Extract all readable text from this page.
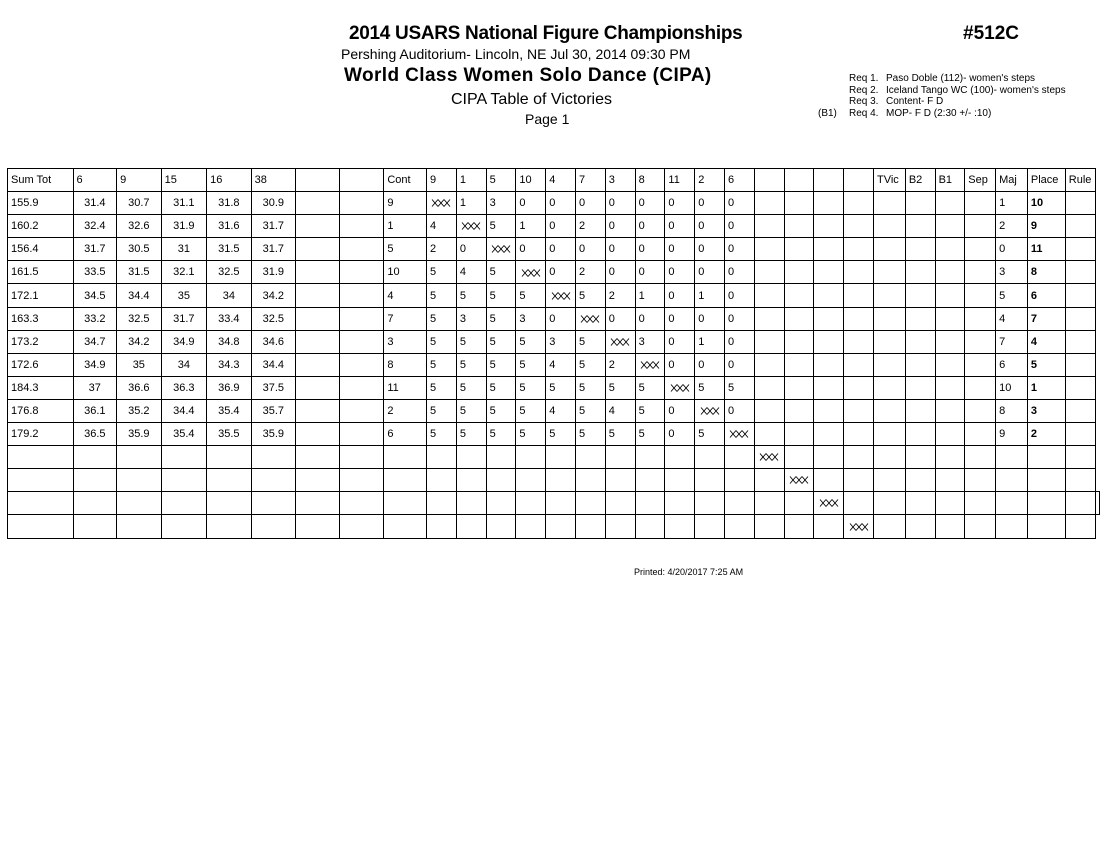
2014 USARS National Figure Championships	#512C
Pershing Auditorium- Lincoln, NE Jul 30, 2014 09:30 PM
World Class Women Solo Dance (CIPA)
CIPA Table of Victories
Page 1
Req 1. Paso Doble (112)- women's steps
Req 2. Iceland Tango WC (100)- women's steps
Req 3. Content- F D
(B1) Req 4. MOP- F D (2:30 +/- :10)
Sum Tot	6	9	15	16	38			Cont	9	1	5	10	4	7	3	8	11	2	6					TVic	B2	B1	Sep	Maj	Place	Rule	
155.9	31.4	30.7	31.1	31.8	30.9			9		1	3	0	0	0	0	0	0	0	0									1	10		
160.2	32.4	32.6	31.9	31.6	31.7			1	4		5	1	0	2	0	0	0	0	0									2	9		
156.4	31.7	30.5	31	31.5	31.7			5	2	0		0	0	0	0	0	0	0	0									0	11		
161.5	33.5	31.5	32.1	32.5	31.9			10	5	4	5		0	2	0	0	0	0	0									3	8		
172.1	34.5	34.4	35	34	34.2			4	5	5	5	5		5	2	1	0	1	0									5	6		
163.3	33.2	32.5	31.7	33.4	32.5			7	5	3	5	3	0		0	0	0	0	0									4	7		
173.2	34.7	34.2	34.9	34.8	34.6			3	5	5	5	5	3	5		3	0	1	0									7	4		
172.6	34.9	35	34	34.3	34.4			8	5	5	5	5	4	5	2		0	0	0									6	5		
184.3	37	36.6	36.3	36.9	37.5			11	5	5	5	5	5	5	5	5		5	5									10	1		
176.8	36.1	35.2	34.4	35.4	35.7			2	5	5	5	5	4	5	4	5	0		0									8	3		
179.2	36.5	35.9	35.4	35.5	35.9			6	5	5	5	5	5	5	5	5	0	5										9	2		

Printed: 4/20/2017 7:25 AM
